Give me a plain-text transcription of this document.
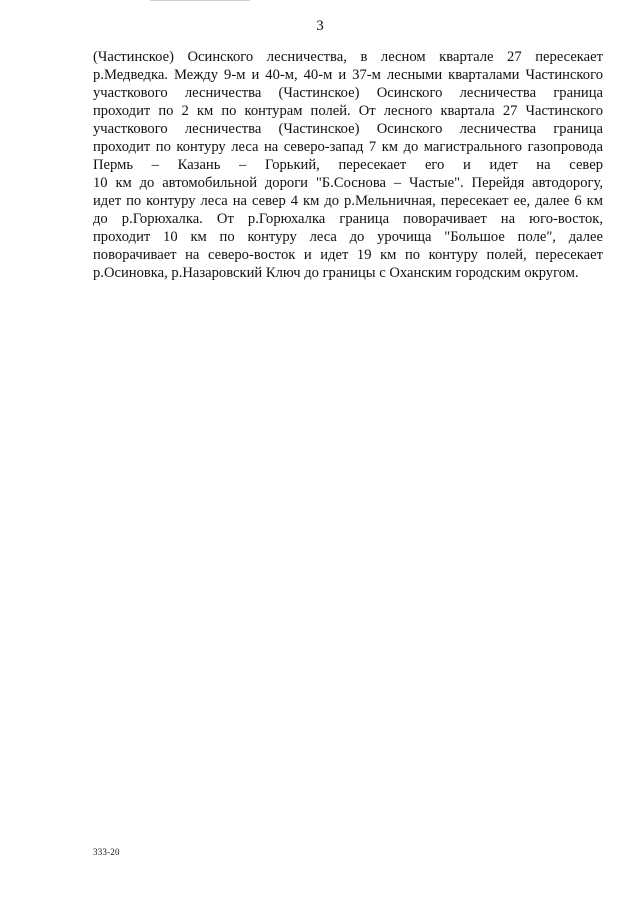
3
(Частинское) Осинского лесничества, в лесном квартале 27 пересекает
р.Медведка. Между 9-м и 40-м, 40-м и 37-м лесными кварталами Частинского
участкового лесничества (Частинское) Осинского лесничества граница
проходит по 2 км по контурам полей. От лесного квартала 27 Частинского
участкового лесничества (Частинское) Осинского лесничества граница
проходит по контуру леса на северо-запад 7 км до магистрального газопровода
Пермь – Казань – Горький, пересекает его и идет на север
10 км до автомобильной дороги "Б.Соснова – Частые". Перейдя автодорогу,
идет по контуру леса на север 4 км до р.Мельничная, пересекает ее, далее 6 км
до р.Горюхалка. От р.Горюхалка граница поворачивает на юго-восток,
проходит 10 км по контуру леса до урочища "Большое поле", далее
поворачивает на северо-восток и идет 19 км по контуру полей, пересекает
р.Осиновка, р.Назаровский Ключ до границы с Оханским городским округом.
333-20
